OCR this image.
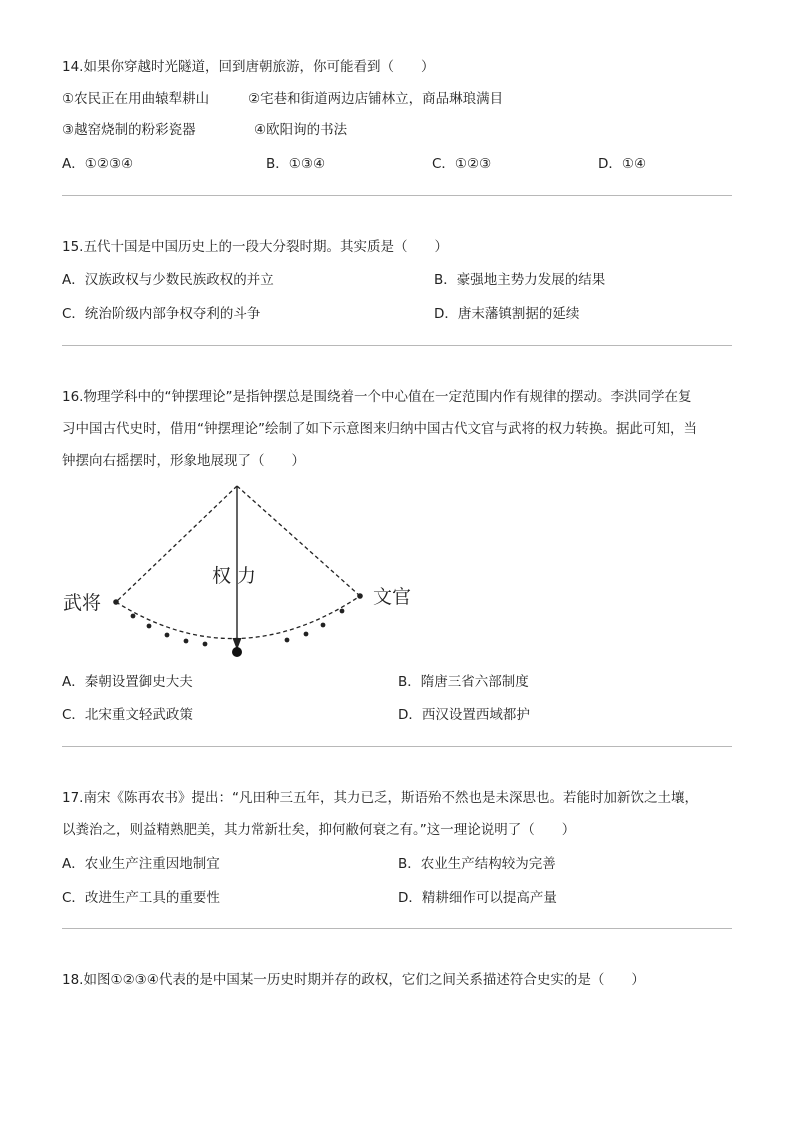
14.如果你穿越时光隧道，回到唐朝旅游，你可能看到（　　）
①农民正在用曲辕犁耕山	②宅巷和街道两边店铺林立，商品琳琅满目
③越窑烧制的粉彩瓷器	④欧阳询的书法
A．①②③④	B．①③④	C．①②③	D．①④
15.五代十国是中国历史上的一段大分裂时期。其实质是（　　）
A．汉族政权与少数民族政权的并立	B．豪强地主势力发展的结果
C．统治阶级内部争权夺利的斗争	D．唐末藩镇割据的延续
16.物理学科中的“钟摆理论”是指钟摆总是围绕着一个中心值在一定范围内作有规律的摆动。李洪同学在复
习中国古代史时，借用“钟摆理论”绘制了如下示意图来归纳中国古代文官与武将的权力转换。据此可知，当
钟摆向右摇摆时，形象地展现了（　　）
武将	文官
权 力
A．秦朝设置御史大夫	B．隋唐三省六部制度
C．北宋重文轻武政策	D．西汉设置西域都护
17.南宋《陈再农书》提出：“凡田种三五年，其力已乏，斯语殆不然也是未深思也。若能时加新饮之土壤，
以粪治之，则益精熟肥美，其力常新壮矣，抑何敝何衰之有。”这一理论说明了（　　）
A．农业生产注重因地制宜	B．农业生产结构较为完善
C．改进生产工具的重要性	D．精耕细作可以提高产量
18.如图①②③④代表的是中国某一历史时期并存的政权，它们之间关系描述符合史实的是（　　）
